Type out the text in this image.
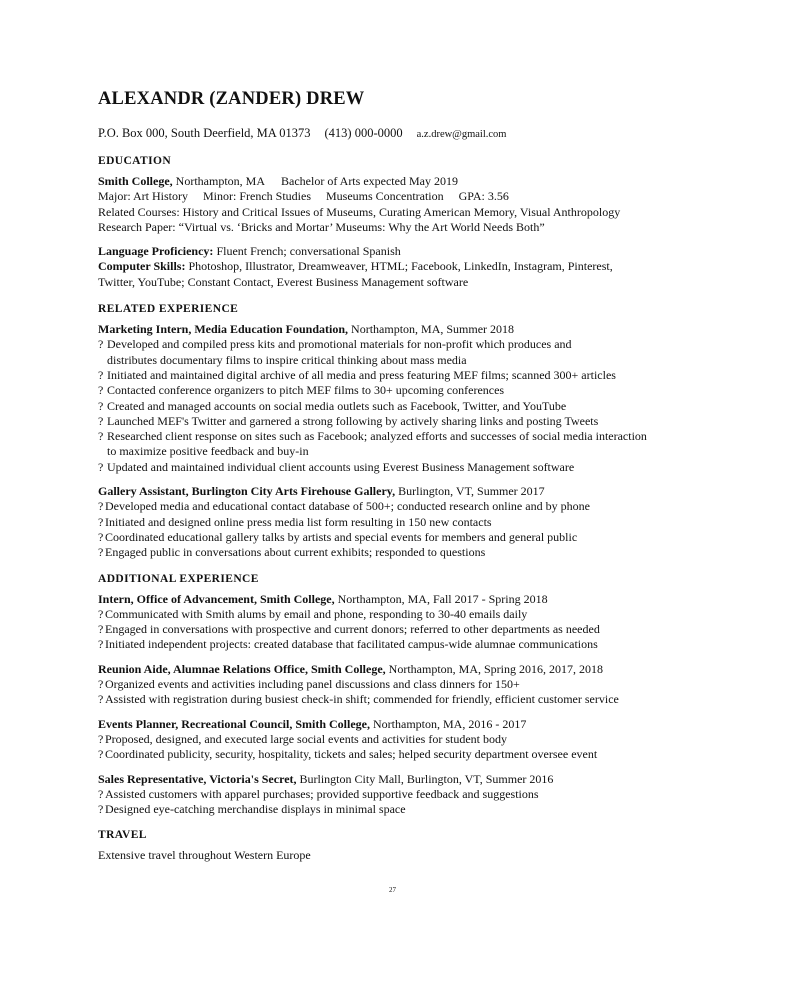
ALEXANDR (ZANDER) DREW
P.O. Box 000, South Deerfield, MA 01373 (413) 000-0000 a.z.drew@gmail.com
EDUCATION
Smith College, Northampton, MA Bachelor of Arts expected May 2019
Major: Art History     Minor: French Studies     Museums Concentration     GPA: 3.56
Related Courses: History and Critical Issues of Museums, Curating American Memory, Visual Anthropology
Research Paper: “Virtual vs. ‘Bricks and Mortar’ Museums: Why the Art World Needs Both”
Language Proficiency: Fluent French; conversational Spanish
Computer Skills: Photoshop, Illustrator, Dreamweaver, HTML; Facebook, LinkedIn, Instagram, Pinterest,
Twitter, YouTube; Constant Contact, Everest Business Management software
RELATED EXPERIENCE
Marketing Intern, Media Education Foundation, Northampton, MA, Summer 2018
? Developed and compiled press kits and promotional materials for non-profit which produces and
distributes documentary films to inspire critical thinking about mass media
? Initiated and maintained digital archive of all media and press featuring MEF films; scanned 300+ articles
? Contacted conference organizers to pitch MEF films to 30+ upcoming conferences
? Created and managed accounts on social media outlets such as Facebook, Twitter, and YouTube
? Launched MEF's Twitter and garnered a strong following by actively sharing links and posting Tweets
? Researched client response on sites such as Facebook; analyzed efforts and successes of social media interaction
to maximize positive feedback and buy-in
? Updated and maintained individual client accounts using Everest Business Management software
Gallery Assistant, Burlington City Arts Firehouse Gallery, Burlington, VT, Summer 2017
? Developed media and educational contact database of 500+; conducted research online and by phone
? Initiated and designed online press media list form resulting in 150 new contacts
? Coordinated educational gallery talks by artists and special events for members and general public
? Engaged public in conversations about current exhibits; responded to questions
ADDITIONAL EXPERIENCE
Intern, Office of Advancement, Smith College, Northampton, MA, Fall 2017 - Spring 2018
? Communicated with Smith alums by email and phone, responding to 30-40 emails daily
? Engaged in conversations with prospective and current donors; referred to other departments as needed
? Initiated independent projects: created database that facilitated campus-wide alumnae communications
Reunion Aide, Alumnae Relations Office, Smith College, Northampton, MA, Spring 2016, 2017, 2018
? Organized events and activities including panel discussions and class dinners for 150+
? Assisted with registration during busiest check-in shift; commended for friendly, efficient customer service
Events Planner, Recreational Council, Smith College, Northampton, MA, 2016 - 2017
? Proposed, designed, and executed large social events and activities for student body
? Coordinated publicity, security, hospitality, tickets and sales; helped security department oversee event
Sales Representative, Victoria's Secret, Burlington City Mall, Burlington, VT, Summer 2016
? Assisted customers with apparel purchases; provided supportive feedback and suggestions
? Designed eye-catching merchandise displays in minimal space
TRAVEL
Extensive travel throughout Western Europe
27
